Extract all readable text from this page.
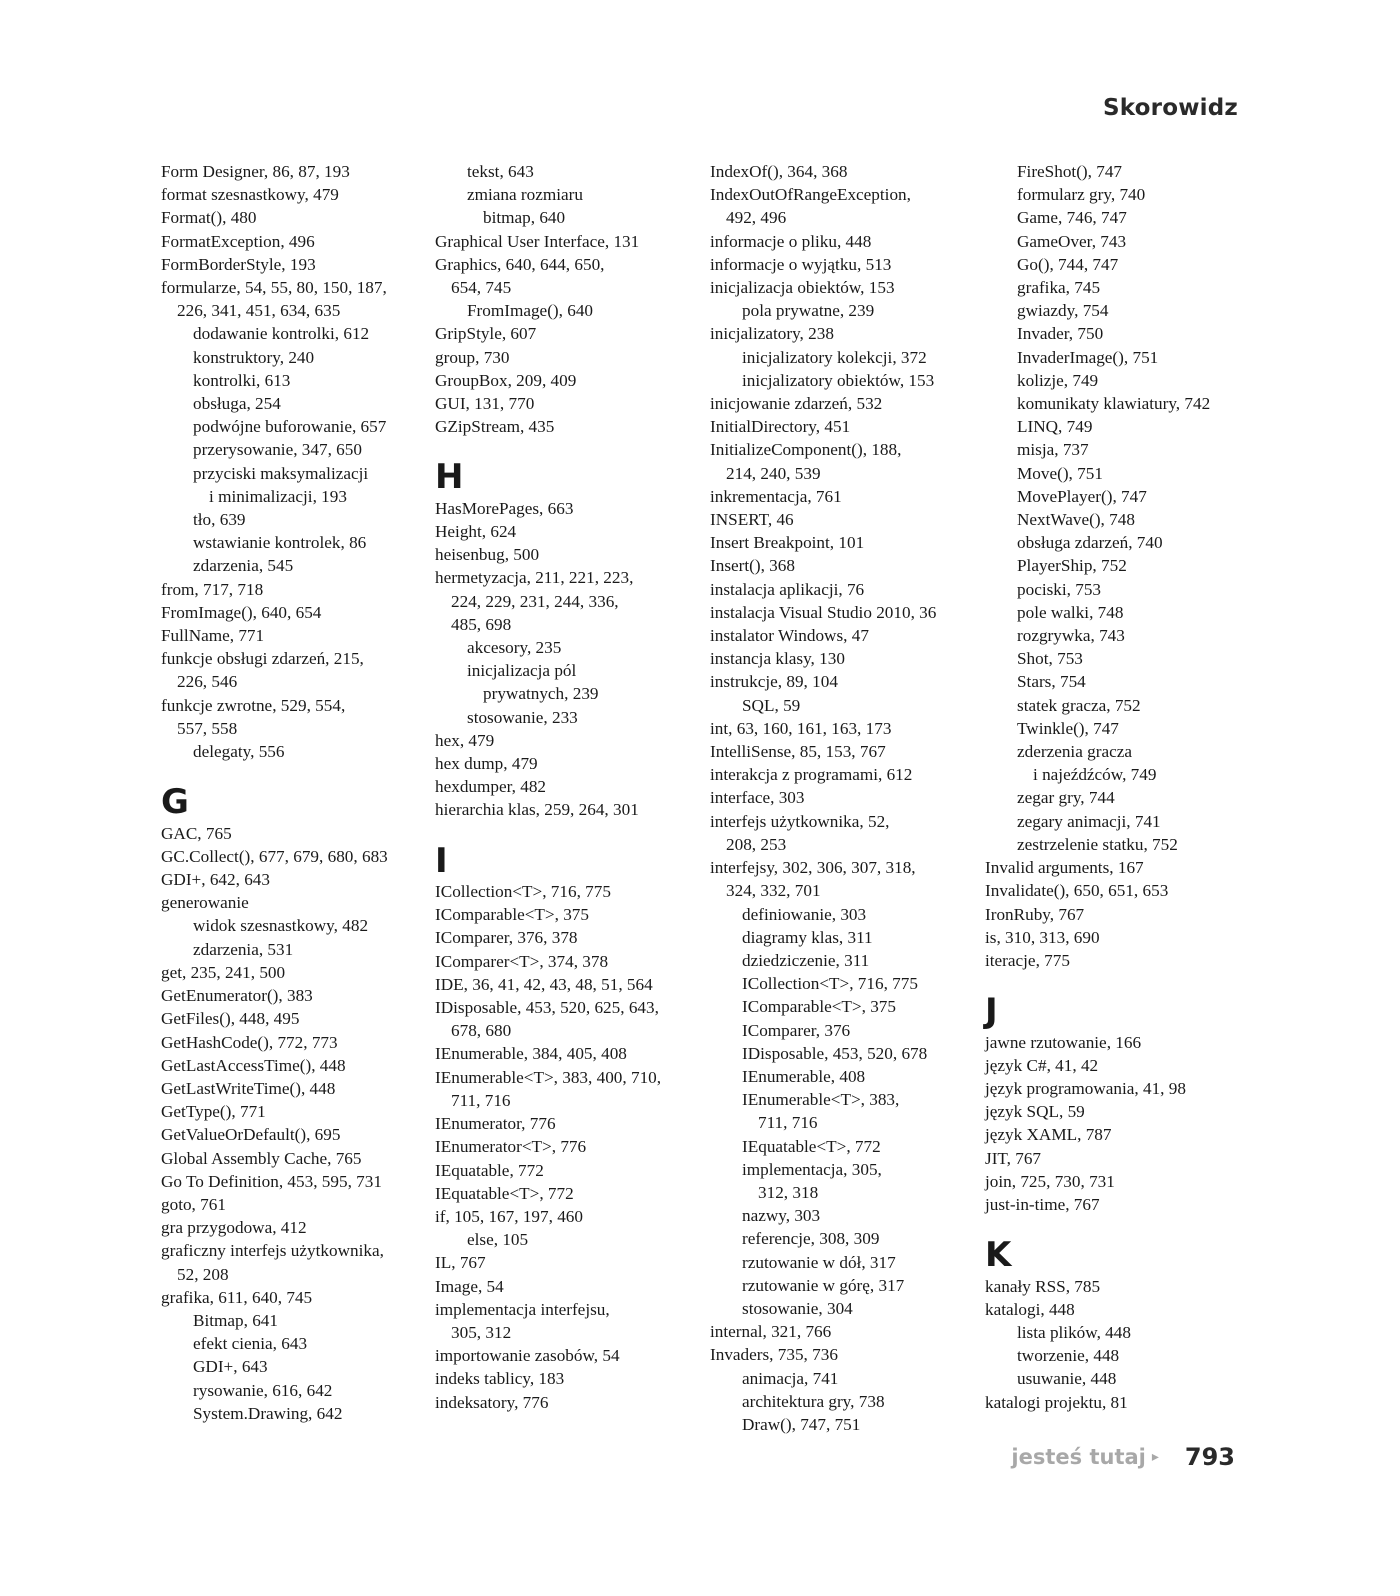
Skorowidz
Form Designer, 86, 87, 193
format szesnastkowy, 479
Format(), 480
FormatException, 496
FormBorderStyle, 193
formularze, 54, 55, 80, 150, 187,
226, 341, 451, 634, 635
dodawanie kontrolki, 612
konstruktory, 240
kontrolki, 613
obsługa, 254
podwójne buforowanie, 657
przerysowanie, 347, 650
przyciski maksymalizacji
i minimalizacji, 193
tło, 639
wstawianie kontrolek, 86
zdarzenia, 545
from, 717, 718
FromImage(), 640, 654
FullName, 771
funkcje obsługi zdarzeń, 215,
226, 546
funkcje zwrotne, 529, 554,
557, 558
delegaty, 556
G
GAC, 765
GC.Collect(), 677, 679, 680, 683
GDI+, 642, 643
generowanie
widok szesnastkowy, 482
zdarzenia, 531
get, 235, 241, 500
GetEnumerator(), 383
GetFiles(), 448, 495
GetHashCode(), 772, 773
GetLastAccessTime(), 448
GetLastWriteTime(), 448
GetType(), 771
GetValueOrDefault(), 695
Global Assembly Cache, 765
Go To Definition, 453, 595, 731
goto, 761
gra przygodowa, 412
graficzny interfejs użytkownika,
52, 208
grafika, 611, 640, 745
Bitmap, 641
efekt cienia, 643
GDI+, 643
rysowanie, 616, 642
System.Drawing, 642
tekst, 643
zmiana rozmiaru
bitmap, 640
Graphical User Interface, 131
Graphics, 640, 644, 650,
654, 745
FromImage(), 640
GripStyle, 607
group, 730
GroupBox, 209, 409
GUI, 131, 770
GZipStream, 435
H
HasMorePages, 663
Height, 624
heisenbug, 500
hermetyzacja, 211, 221, 223,
224, 229, 231, 244, 336,
485, 698
akcesory, 235
inicjalizacja pól
prywatnych, 239
stosowanie, 233
hex, 479
hex dump, 479
hexdumper, 482
hierarchia klas, 259, 264, 301
I
ICollection<T>, 716, 775
IComparable<T>, 375
IComparer, 376, 378
IComparer<T>, 374, 378
IDE, 36, 41, 42, 43, 48, 51, 564
IDisposable, 453, 520, 625, 643,
678, 680
IEnumerable, 384, 405, 408
IEnumerable<T>, 383, 400, 710,
711, 716
IEnumerator, 776
IEnumerator<T>, 776
IEquatable, 772
IEquatable<T>, 772
if, 105, 167, 197, 460
else, 105
IL, 767
Image, 54
implementacja interfejsu,
305, 312
importowanie zasobów, 54
indeks tablicy, 183
indeksatory, 776
IndexOf(), 364, 368
IndexOutOfRangeException,
492, 496
informacje o pliku, 448
informacje o wyjątku, 513
inicjalizacja obiektów, 153
pola prywatne, 239
inicjalizatory, 238
inicjalizatory kolekcji, 372
inicjalizatory obiektów, 153
inicjowanie zdarzeń, 532
InitialDirectory, 451
InitializeComponent(), 188,
214, 240, 539
inkrementacja, 761
INSERT, 46
Insert Breakpoint, 101
Insert(), 368
instalacja aplikacji, 76
instalacja Visual Studio 2010, 36
instalator Windows, 47
instancja klasy, 130
instrukcje, 89, 104
SQL, 59
int, 63, 160, 161, 163, 173
IntelliSense, 85, 153, 767
interakcja z programami, 612
interface, 303
interfejs użytkownika, 52,
208, 253
interfejsy, 302, 306, 307, 318,
324, 332, 701
definiowanie, 303
diagramy klas, 311
dziedziczenie, 311
ICollection<T>, 716, 775
IComparable<T>, 375
IComparer, 376
IDisposable, 453, 520, 678
IEnumerable, 408
IEnumerable<T>, 383,
711, 716
IEquatable<T>, 772
implementacja, 305,
312, 318
nazwy, 303
referencje, 308, 309
rzutowanie w dół, 317
rzutowanie w górę, 317
stosowanie, 304
internal, 321, 766
Invaders, 735, 736
animacja, 741
architektura gry, 738
Draw(), 747, 751
FireShot(), 747
formularz gry, 740
Game, 746, 747
GameOver, 743
Go(), 744, 747
grafika, 745
gwiazdy, 754
Invader, 750
InvaderImage(), 751
kolizje, 749
komunikaty klawiatury, 742
LINQ, 749
misja, 737
Move(), 751
MovePlayer(), 747
NextWave(), 748
obsługa zdarzeń, 740
PlayerShip, 752
pociski, 753
pole walki, 748
rozgrywka, 743
Shot, 753
Stars, 754
statek gracza, 752
Twinkle(), 747
zderzenia gracza
i najeźdźców, 749
zegar gry, 744
zegary animacji, 741
zestrzelenie statku, 752
Invalid arguments, 167
Invalidate(), 650, 651, 653
IronRuby, 767
is, 310, 313, 690
iteracje, 775
J
jawne rzutowanie, 166
język C#, 41, 42
język programowania, 41, 98
język SQL, 59
język XAML, 787
JIT, 767
join, 725, 730, 731
just-in-time, 767
K
kanały RSS, 785
katalogi, 448
lista plików, 448
tworzenie, 448
usuwanie, 448
katalogi projektu, 81
jesteś tutaj ▸ 793
